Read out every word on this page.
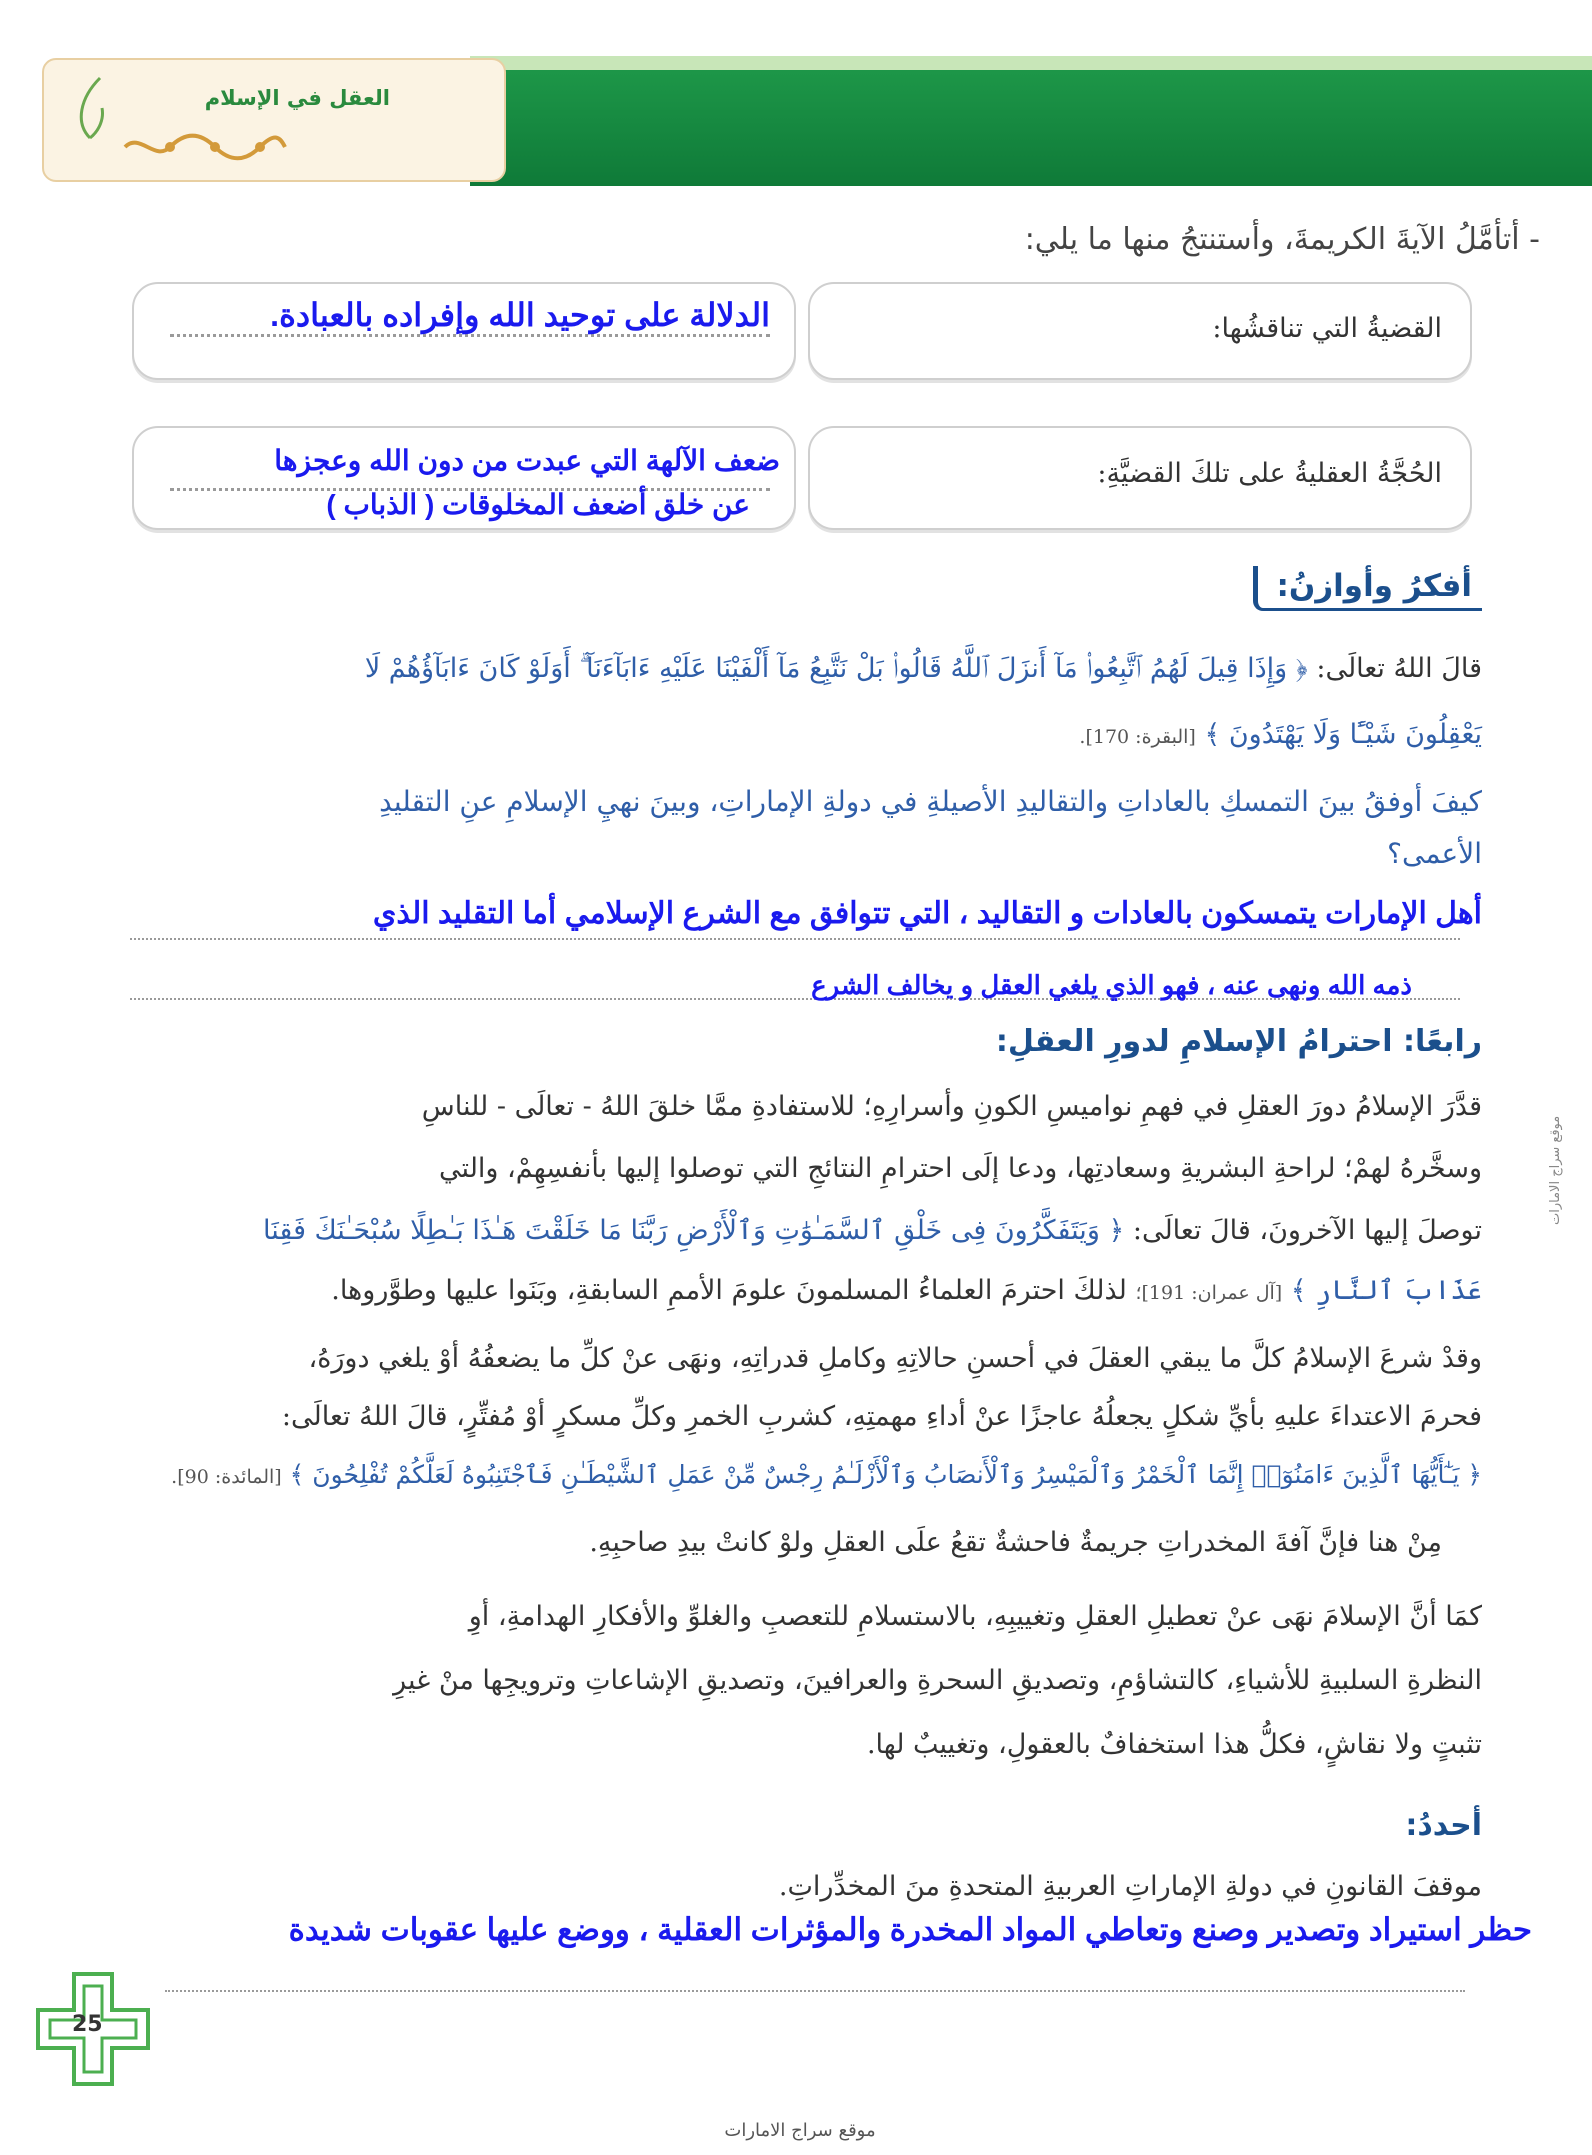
العقل في الإسلام
- أتأمَّلُ الآيةَ الكريمةَ، وأستنتجُ منها ما يلي:
القضيةُ التي تناقشُها:
الدلالة على توحيد الله وإفراده بالعبادة.
الحُجَّةُ العقليةُ على تلكَ القضيَّةِ:
ضعف الآلهة التي عبدت من دون الله وعجزها
عن خلق أضعف المخلوقات ( الذباب )
أفكرُ وأوازنُ:
قالَ اللهُ تعالَى: ﴿ وَإِذَا قِيلَ لَهُمُ ٱتَّبِعُوا۟ مَآ أَنزَلَ ٱللَّهُ قَالُوا۟ بَلْ نَتَّبِعُ مَآ أَلْفَيْنَا عَلَيْهِ ءَابَآءَنَآ ۗ أَوَلَوْ كَانَ ءَابَآؤُهُمْ لَا
يَعْقِلُونَ شَيْـًٔا وَلَا يَهْتَدُونَ ﴾ [البقرة: 170].
كيفَ أوفقُ بينَ التمسكِ بالعاداتِ والتقاليدِ الأصيلةِ في دولةِ الإماراتِ، وبينَ نهيِ الإسلامِ عنِ التقليدِ
الأعمى؟
أهل الإمارات يتمسكون بالعادات و التقاليد ، التي تتوافق مع الشرع الإسلامي أما التقليد الذي
ذمه الله ونهى عنه ، فهو الذي يلغي العقل و يخالف الشرع
رابعًا: احترامُ الإسلامِ لدورِ العقلِ:
قدَّرَ الإسلامُ دورَ العقلِ في فهمِ نواميسِ الكونِ وأسرارِهِ؛ للاستفادةِ ممَّا خلقَ اللهُ - تعالَى - للناسِ
وسخَّرهُ لهمْ؛ لراحةِ البشريةِ وسعادتِها، ودعا إلَى احترامِ النتائجِ التي توصلوا إليها بأنفسِهِمْ، والتي
توصلَ إليها الآخرونَ، قالَ تعالَى: ﴿ وَيَتَفَكَّرُونَ فِى خَلْقِ ٱلسَّمَـٰوَٰتِ وَٱلْأَرْضِ رَبَّنَا مَا خَلَقْتَ هَـٰذَا بَـٰطِلًا سُبْحَـٰنَكَ فَقِنَا
عَذَابَ ٱلنَّارِ ﴾ [آل عمران: 191]؛ لذلكَ احترمَ العلماءُ المسلمونَ علومَ الأممِ السابقةِ، وبَنَوا عليها وطوَّروها.
وقدْ شرعَ الإسلامُ كلَّ ما يبقي العقلَ في أحسنِ حالاتِهِ وكاملِ قدراتِهِ، ونهَى عنْ كلِّ ما يضعفُهُ أوْ يلغي دورَهُ،
فحرمَ الاعتداءَ عليهِ بأيِّ شكلٍ يجعلُهُ عاجزًا عنْ أداءِ مهمتِهِ، كشربِ الخمرِ وكلِّ مسكرٍ أوْ مُفتِّرٍ، قالَ اللهُ تعالَى:
﴿ يَـٰٓأَيُّهَا ٱلَّذِينَ ءَامَنُوٓا۟ إِنَّمَا ٱلْخَمْرُ وَٱلْمَيْسِرُ وَٱلْأَنصَابُ وَٱلْأَزْلَـٰمُ رِجْسٌ مِّنْ عَمَلِ ٱلشَّيْطَـٰنِ فَٱجْتَنِبُوهُ لَعَلَّكُمْ تُفْلِحُونَ ﴾ [المائدة: 90].
مِنْ هنا فإنَّ آفةَ المخدراتِ جريمةٌ فاحشةٌ تقعُ علَى العقلِ ولوْ كانتْ بيدِ صاحبِهِ.
كمَا أنَّ الإسلامَ نهَى عنْ تعطيلِ العقلِ وتغييبِهِ، بالاستسلامِ للتعصبِ والغلوِّ والأفكارِ الهدامةِ، أوِ
النظرةِ السلبيةِ للأشياءِ، كالتشاؤمِ، وتصديقِ السحرةِ والعرافينَ، وتصديقِ الإشاعاتِ وترويجِها منْ غيرِ
تثبتٍ ولا نقاشٍ، فكلُّ هذا استخفافٌ بالعقولِ، وتغييبٌ لها.
أحددُ:
موقفَ القانونِ في دولةِ الإماراتِ العربيةِ المتحدةِ منَ المخدِّراتِ.
حظر استيراد وتصدير وصنع وتعاطي المواد المخدرة والمؤثرات العقلية ، ووضع عليها عقوبات شديدة
موقع سراج الامارات
25
موقع سراج الامارات
